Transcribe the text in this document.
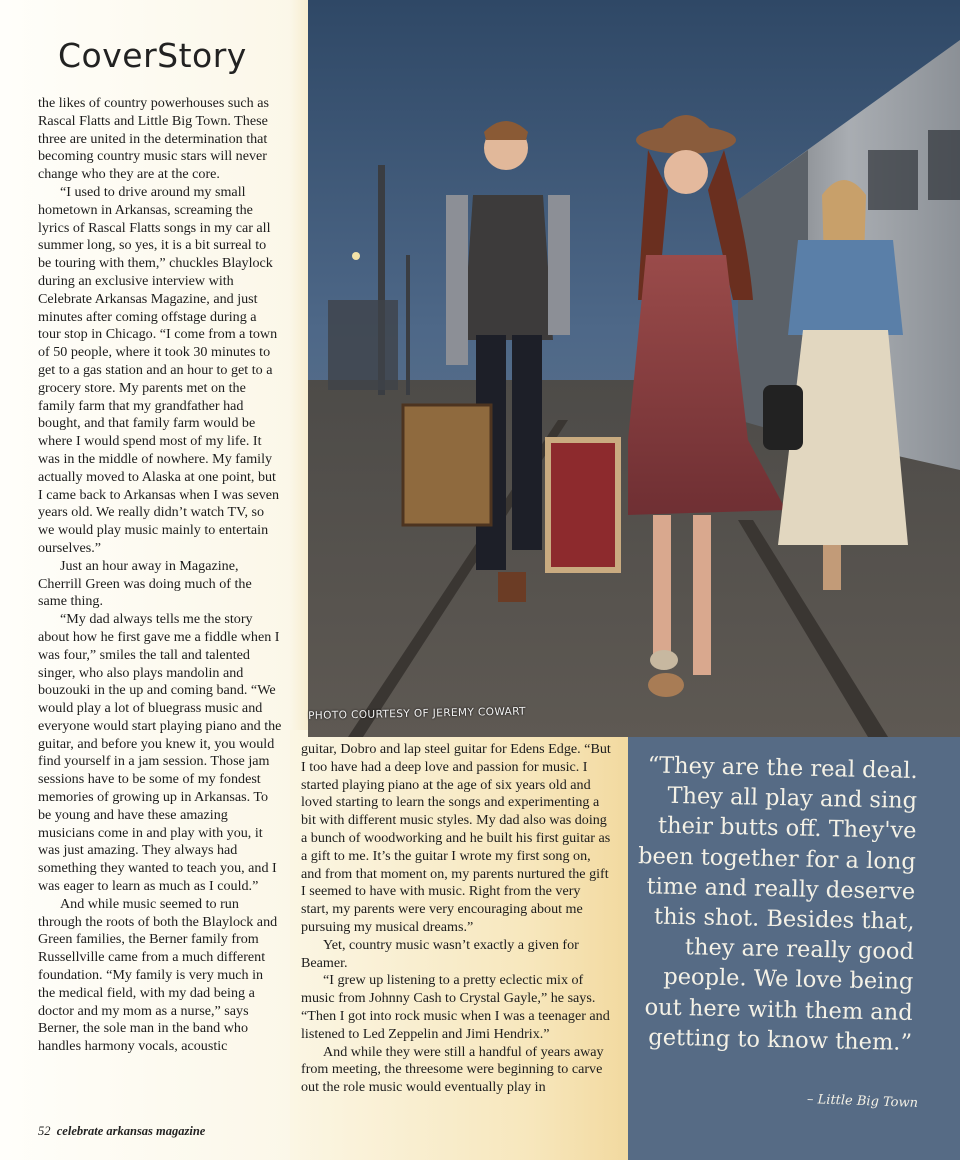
CoverStory

the likes of country powerhouses such as Rascal Flatts and Little Big Town. These three are united in the determination that becoming country music stars will never change who they are at the core.

“I used to drive around my small hometown in Arkansas, screaming the lyrics of Rascal Flatts songs in my car all summer long, so yes, it is a bit surreal to be touring with them,” chuckles Blaylock during an exclusive interview with Celebrate Arkansas Magazine, and just minutes after coming offstage during a tour stop in Chicago. “I come from a town of 50 people, where it took 30 minutes to get to a gas station and an hour to get to a grocery store. My parents met on the family farm that my grandfather had bought, and that family farm would be where I would spend most of my life. It was in the middle of nowhere. My family actually moved to Alaska at one point, but I came back to Arkansas when I was seven years old. We really didn’t watch TV, so we would play music mainly to entertain ourselves.”

Just an hour away in Magazine, Cherrill Green was doing much of the same thing.

“My dad always tells me the story about how he first gave me a fiddle when I was four,” smiles the tall and talented singer, who also plays mandolin and bouzouki in the up and coming band. “We would play a lot of bluegrass music and everyone would start playing piano and the guitar, and before you knew it, you would find yourself in a jam session. Those jam sessions have to be some of my fondest memories of growing up in Arkansas. To be young and have these amazing musicians come in and play with you, it was just amazing. They always had something they wanted to teach you, and I was eager to learn as much as I could.”

And while music seemed to run through the roots of both the Blaylock and Green families, the Berner family from Russellville came from a much different foundation. “My family is very much in the medical field, with my dad being a doctor and my mom as a nurse,” says Berner, the sole man in the band who handles harmony vocals, acoustic

PHOTO COURTESY OF JEREMY COWART

guitar, Dobro and lap steel guitar for Edens Edge. “But I too have had a deep love and passion for music. I started playing piano at the age of six years old and loved starting to learn the songs and experimenting a bit with different music styles. My dad also was doing a bunch of woodworking and he built his first guitar as a gift to me. It’s the guitar I wrote my first song on, and from that moment on, my parents nurtured the gift I seemed to have with music. Right from the very start, my parents were very encouraging about me pursuing my musical dreams.”

Yet, country music wasn’t exactly a given for Beamer.

“I grew up listening to a pretty eclectic mix of music from Johnny Cash to Crystal Gayle,” he says. “Then I got into rock music when I was a teenager and listened to Led Zeppelin and Jimi Hendrix.”

And while they were still a handful of years away from meeting, the threesome were beginning to carve out the role music would eventually play in

“They are the real deal. They all play and sing their butts off. They've been together for a long time and really deserve this shot. Besides that, they are really good people. We love being out here with them and getting to know them.”
– Little Big Town
52 celebrate arkansas magazine
